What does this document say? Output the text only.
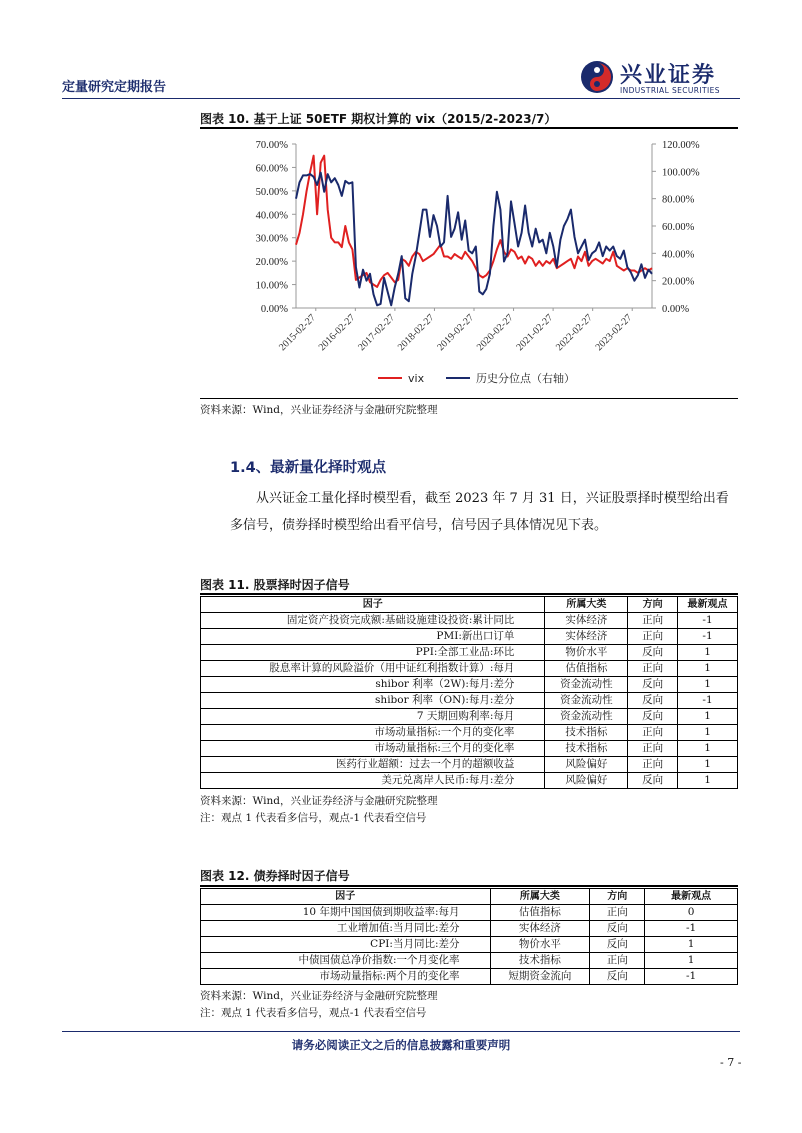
定量研究定期报告	兴业证券
INDUSTRIAL SECURITIES
图表 10. 基于上证 50ETF 期权计算的 vix（2015/2-2023/7）
0.00%
10.00%
20.00%
30.00%
40.00%
50.00%
60.00%
70.00%
0.00%
20.00%
40.00%
60.00%
80.00%
100.00%
120.00%
2015-02-27
2016-02-27
2017-02-27
2018-02-27
2019-02-27
2020-02-27
2021-02-27
2022-02-27
2023-02-27
vix	历史分位点（右轴）
资料来源：Wind，兴业证券经济与金融研究院整理
1.4、最新量化择时观点
从兴证金工量化择时模型看，截至 2023 年 7 月 31 日，兴证股票择时模型给出看多信号，债券择时模型给出看平信号，信号因子具体情况见下表。
图表 11. 股票择时因子信号
因子	所属大类	方向	最新观点
固定资产投资完成额:基础设施建设投资:累计同比	实体经济	正向	-1
PMI:新出口订单	实体经济	正向	-1
PPI:全部工业品:环比	物价水平	反向	1
股息率计算的风险溢价（用中证红利指数计算）:每月	估值指标	正向	1
shibor 利率（2W):每月:差分	资金流动性	反向	1
shibor 利率（ON):每月:差分	资金流动性	反向	-1
7 天期回购利率:每月	资金流动性	反向	1
市场动量指标:一个月的变化率	技术指标	正向	1
市场动量指标:三个月的变化率	技术指标	正向	1
医药行业超额：过去一个月的超额收益	风险偏好	正向	1
美元兑离岸人民币:每月:差分	风险偏好	反向	1
资料来源：Wind，兴业证券经济与金融研究院整理
注：观点 1 代表看多信号，观点-1 代表看空信号
图表 12. 债券择时因子信号
因子	所属大类	方向	最新观点
10 年期中国国债到期收益率:每月	估值指标	正向	0
工业增加值:当月同比:差分	实体经济	反向	-1
CPI:当月同比:差分	物价水平	反向	1
中债国债总净价指数:一个月变化率	技术指标	正向	1
市场动量指标:两个月的变化率	短期资金流向	反向	-1
资料来源：Wind，兴业证券经济与金融研究院整理
注：观点 1 代表看多信号，观点-1 代表看空信号
请务必阅读正文之后的信息披露和重要声明
- 7 -
